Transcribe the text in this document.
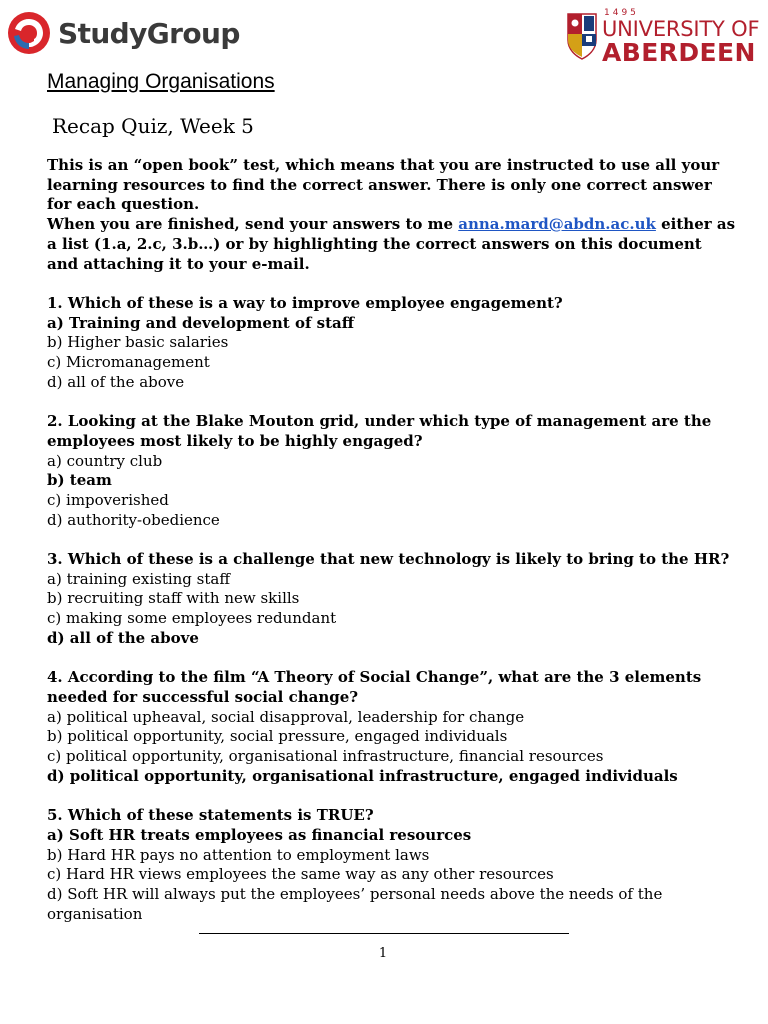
StudyGroup
1495
UNIVERSITY OF
ABERDEEN
Managing Organisations
Recap Quiz, Week 5

This is an “open book” test, which means that you are instructed to use all your learning resources to find the correct answer. There is only one correct answer for each question.

When you are finished, send your answers to me anna.mard@abdn.ac.uk either as a list (1.a, 2.c, 3.b…) or by highlighting the correct answers on this document and attaching it to your e-mail.

1. Which of these is a way to improve employee engagement?

a) Training and development of staff

b) Higher basic salaries

c) Micromanagement

d) all of the above

2. Looking at the Blake Mouton grid, under which type of management are the employees most likely to be highly engaged?

a) country club

b) team

c) impoverished

d) authority-obedience

3. Which of these is a challenge that new technology is likely to bring to the HR?

a) training existing staff

b) recruiting staff with new skills

c) making some employees redundant

d) all of the above

4. According to the film “A Theory of Social Change”, what are the 3 elements needed for successful social change?

a) political upheaval, social disapproval, leadership for change

b) political opportunity, social pressure, engaged individuals

c) political opportunity, organisational infrastructure, financial resources

d) political opportunity, organisational infrastructure, engaged individuals

5. Which of these statements is TRUE?

a) Soft HR treats employees as financial resources

b) Hard HR pays no attention to employment laws

c) Hard HR views employees the same way as any other resources

d) Soft HR will always put the employees’ personal needs above the needs of the organisation

1
